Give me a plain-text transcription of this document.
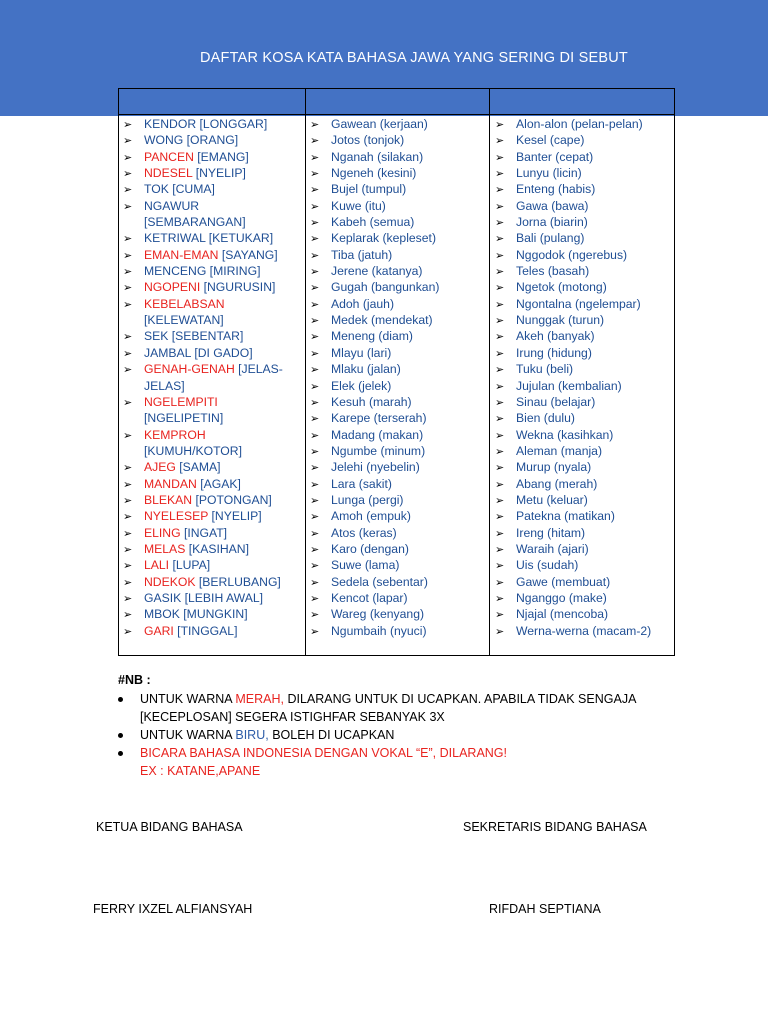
DAFTAR KOSA KATA BAHASA JAWA YANG SERING DI SEBUT
➢ KENDOR [LONGGAR]
➢ WONG [ORANG]
➢ PANCEN [EMANG]
➢ NDESEL [NYELIP]
➢ TOK [CUMA]
➢ NGAWUR
[SEMBARANGAN]
➢ KETRIWAL [KETUKAR]
➢ EMAN-EMAN [SAYANG]
➢ MENCENG [MIRING]
➢ NGOPENI [NGURUSIN]
➢ KEBELABSAN
[KELEWATAN]
➢ SEK [SEBENTAR]
➢ JAMBAL [DI GADO]
➢ GENAH-GENAH [JELAS-
JELAS]
➢ NGELEMPITI
[NGELIPETIN]
➢ KEMPROH
[KUMUH/KOTOR]
➢ AJEG [SAMA]
➢ MANDAN [AGAK]
➢ BLEKAN [POTONGAN]
➢ NYELESEP [NYELIP]
➢ ELING [INGAT]
➢ MELAS [KASIHAN]
➢ LALI [LUPA]
➢ NDEKOK [BERLUBANG]
➢ GASIK [LEBIH AWAL]
➢ MBOK [MUNGKIN]
➢ GARI [TINGGAL]
➢ Gawean (kerjaan)
➢ Jotos (tonjok)
➢ Nganah (silakan)
➢ Ngeneh (kesini)
➢ Bujel (tumpul)
➢ Kuwe (itu)
➢ Kabeh (semua)
➢ Keplarak (kepleset)
➢ Tiba (jatuh)
➢ Jerene (katanya)
➢ Gugah (bangunkan)
➢ Adoh (jauh)
➢ Medek (mendekat)
➢ Meneng (diam)
➢ Mlayu (lari)
➢ Mlaku (jalan)
➢ Elek (jelek)
➢ Kesuh (marah)
➢ Karepe (terserah)
➢ Madang (makan)
➢ Ngumbe (minum)
➢ Jelehi (nyebelin)
➢ Lara (sakit)
➢ Lunga (pergi)
➢ Amoh (empuk)
➢ Atos (keras)
➢ Karo (dengan)
➢ Suwe (lama)
➢ Sedela (sebentar)
➢ Kencot (lapar)
➢ Wareg (kenyang)
➢ Ngumbaih (nyuci)
➢ Alon-alon (pelan-pelan)
➢ Kesel (cape)
➢ Banter (cepat)
➢ Lunyu (licin)
➢ Enteng (habis)
➢ Gawa (bawa)
➢ Jorna (biarin)
➢ Bali (pulang)
➢ Nggodok (ngerebus)
➢ Teles (basah)
➢ Ngetok (motong)
➢ Ngontalna (ngelempar)
➢ Nunggak (turun)
➢ Akeh (banyak)
➢ Irung (hidung)
➢ Tuku (beli)
➢ Jujulan (kembalian)
➢ Sinau (belajar)
➢ Bien (dulu)
➢ Wekna (kasihkan)
➢ Aleman (manja)
➢ Murup (nyala)
➢ Abang (merah)
➢ Metu (keluar)
➢ Patekna (matikan)
➢ Ireng (hitam)
➢ Waraih (ajari)
➢ Uis (sudah)
➢ Gawe (membuat)
➢ Nganggo (make)
➢ Njajal (mencoba)
➢ Werna-werna (macam-2)
#NB :
UNTUK WARNA MERAH, DILARANG UNTUK DI UCAPKAN. APABILA TIDAK SENGAJA [KECEPLOSAN] SEGERA ISTIGHFAR SEBANYAK 3X
UNTUK WARNA BIRU, BOLEH DI UCAPKAN
BICARA BAHASA INDONESIA DENGAN VOKAL “E”, DILARANG!
EX : KATANE,APANE
KETUA BIDANG BAHASA	SEKRETARIS BIDANG BAHASA
FERRY IXZEL ALFIANSYAH	RIFDAH SEPTIANA
